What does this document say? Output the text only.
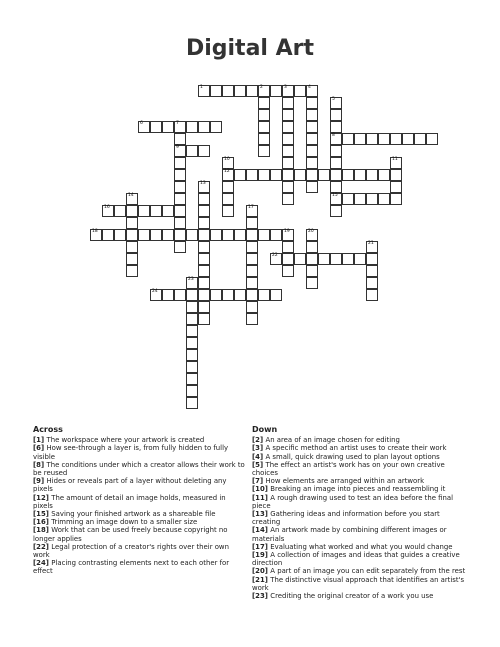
Digital Art
1	2	3	4
5
8
15
6	7
9
10
12
11
13
14
16	17
18	19	20
21
22
23
24
Across
[1] The workspace where your artwork is created
[6] How see-through a layer is, from fully hidden to fully visible
[8] The conditions under which a creator allows their work to be reused
[9] Hides or reveals part of a layer without deleting any pixels
[12] The amount of detail an image holds, measured in pixels
[15] Saving your finished artwork as a shareable file
[16] Trimming an image down to a smaller size
[18] Work that can be used freely because copyright no longer applies
[22] Legal protection of a creator's rights over their own work
[24] Placing contrasting elements next to each other for effect
Down
[2] An area of an image chosen for editing
[3] A specific method an artist uses to create their work
[4] A small, quick drawing used to plan layout options
[5] The effect an artist's work has on your own creative choices
[7] How elements are arranged within an artwork
[10] Breaking an image into pieces and reassembling it
[11] A rough drawing used to test an idea before the final piece
[13] Gathering ideas and information before you start creating
[14] An artwork made by combining different images or materials
[17] Evaluating what worked and what you would change
[19] A collection of images and ideas that guides a creative direction
[20] A part of an image you can edit separately from the rest
[21] The distinctive visual approach that identifies an artist's work
[23] Crediting the original creator of a work you use
